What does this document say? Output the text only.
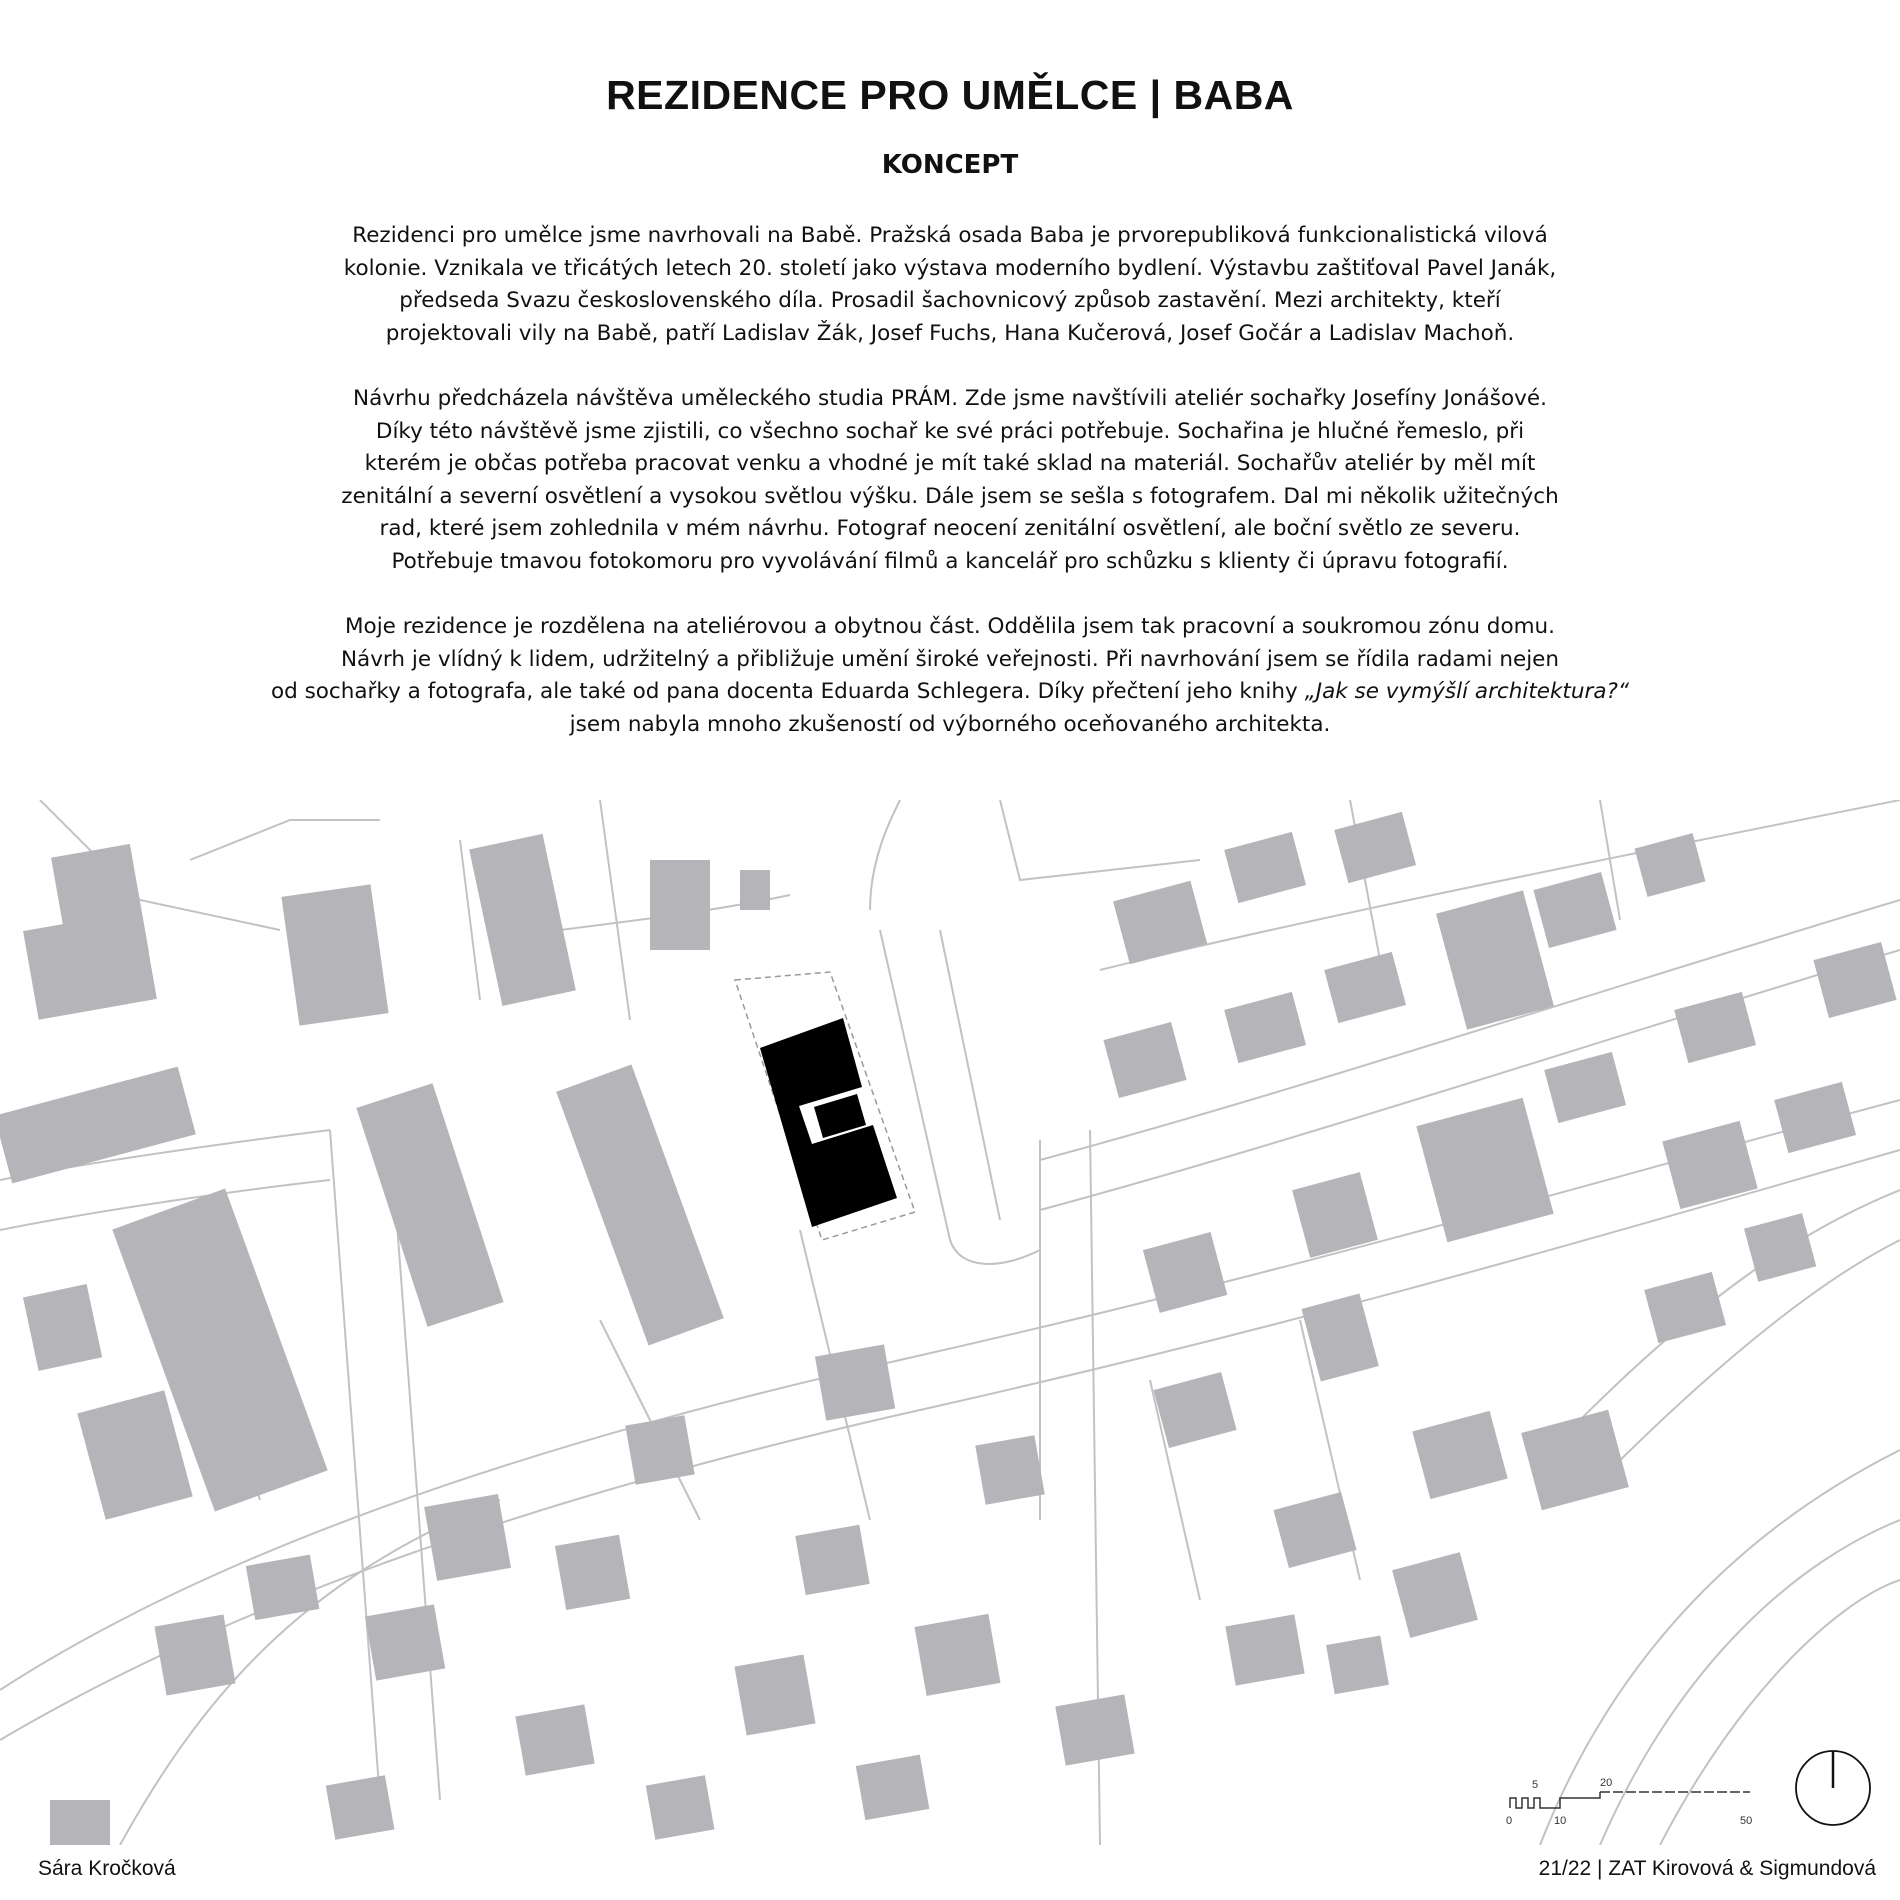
REZIDENCE PRO UMĚLCE | BABA
KONCEPT

Rezidenci pro umělce jsme navrhovali na Babě. Pražská osada Baba je prvorepubliková funkcionalistická vilová
kolonie. Vznikala ve třicátých letech 20. století jako výstava moderního bydlení. Výstavbu zaštiťoval Pavel Janák,
předseda Svazu československého díla. Prosadil šachovnicový způsob zastavění. Mezi architekty, kteří
projektovali vily na Babě, patří Ladislav Žák, Josef Fuchs, Hana Kučerová, Josef Gočár a Ladislav Machoň.

Návrhu předcházela návštěva uměleckého studia PRÁM. Zde jsme navštívili ateliér sochařky Josefíny Jonášové.
Díky této návštěvě jsme zjistili, co všechno sochař ke své práci potřebuje. Sochařina je hlučné řemeslo, při
kterém je občas potřeba pracovat venku a vhodné je mít také sklad na materiál. Sochařův ateliér by měl mít
zenitální a severní osvětlení a vysokou světlou výšku. Dále jsem se sešla s fotografem. Dal mi několik užitečných
rad, které jsem zohlednila v mém návrhu. Fotograf neocení zenitální osvětlení, ale boční světlo ze severu.
Potřebuje tmavou fotokomoru pro vyvolávání filmů a kancelář pro schůzku s klienty či úpravu fotografií.

Moje rezidence je rozdělena na ateliérovou a obytnou část. Oddělila jsem tak pracovní a soukromou zónu domu.
Návrh je vlídný k lidem, udržitelný a přibližuje umění široké veřejnosti. Při navrhování jsem se řídila radami nejen
od sochařky a fotografa, ale také od pana docenta Eduarda Schlegera. Díky přečtení jeho knihy „Jak se vymýšlí architektura?“ jsem nabyla mnoho zkušeností od výborného oceňovaného architekta.

0
5
10
20
50
Sára Kročková	21/22 | ZAT Kirovová & Sigmundová
